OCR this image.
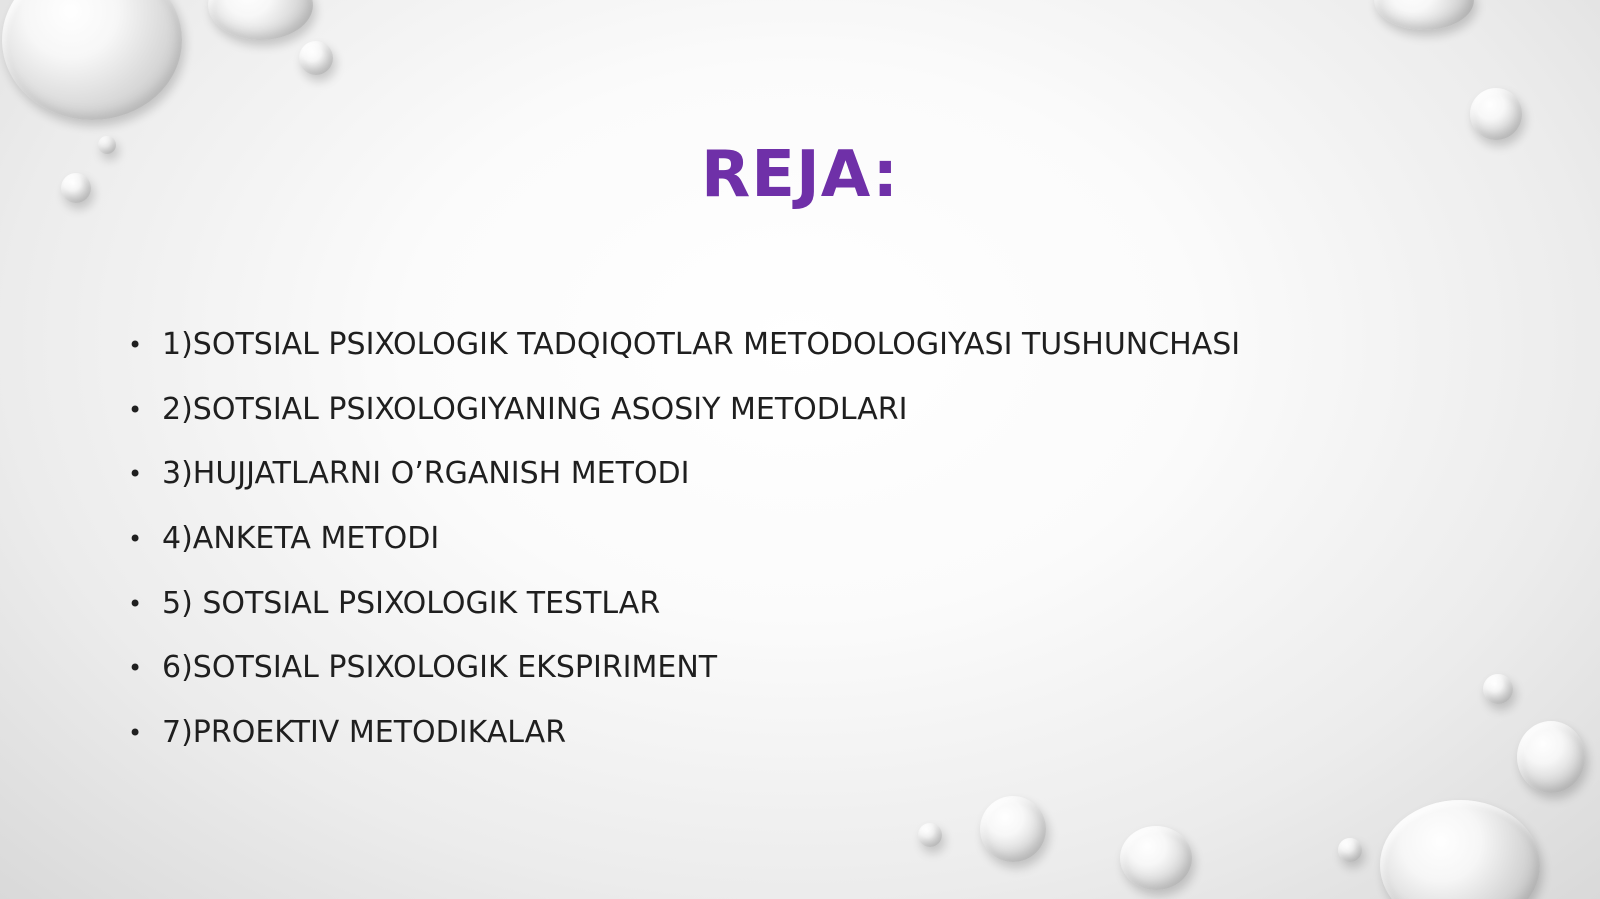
REJA:
• 1)SOTSIAL PSIXOLOGIK TADQIQOTLAR METODOLOGIYASI TUSHUNCHASI
• 2)SOTSIAL PSIXOLOGIYANING ASOSIY METODLARI
• 3)HUJJATLARNI O’RGANISH METODI
• 4)ANKETA METODI
• 5) SOTSIAL PSIXOLOGIK TESTLAR
• 6)SOTSIAL PSIXOLOGIK EKSPIRIMENT
• 7)PROEKTIV METODIKALAR
